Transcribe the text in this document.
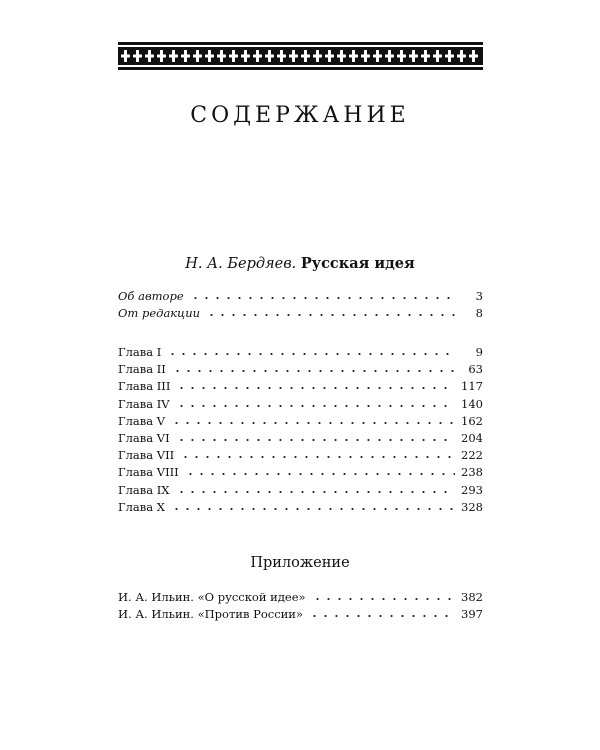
СОДЕРЖАНИЕ
Н. А. Бердяев. Русская идея
Об авторе	3
От редакции	8
Глава I	9
Глава II	63
Глава III	117
Глава IV	140
Глава V	162
Глава VI	204
Глава VII	222
Глава VIII	238
Глава IX	293
Глава X	328
Приложение
И. А. Ильин. «О русской идее»	382
И. А. Ильин. «Против России»	397
